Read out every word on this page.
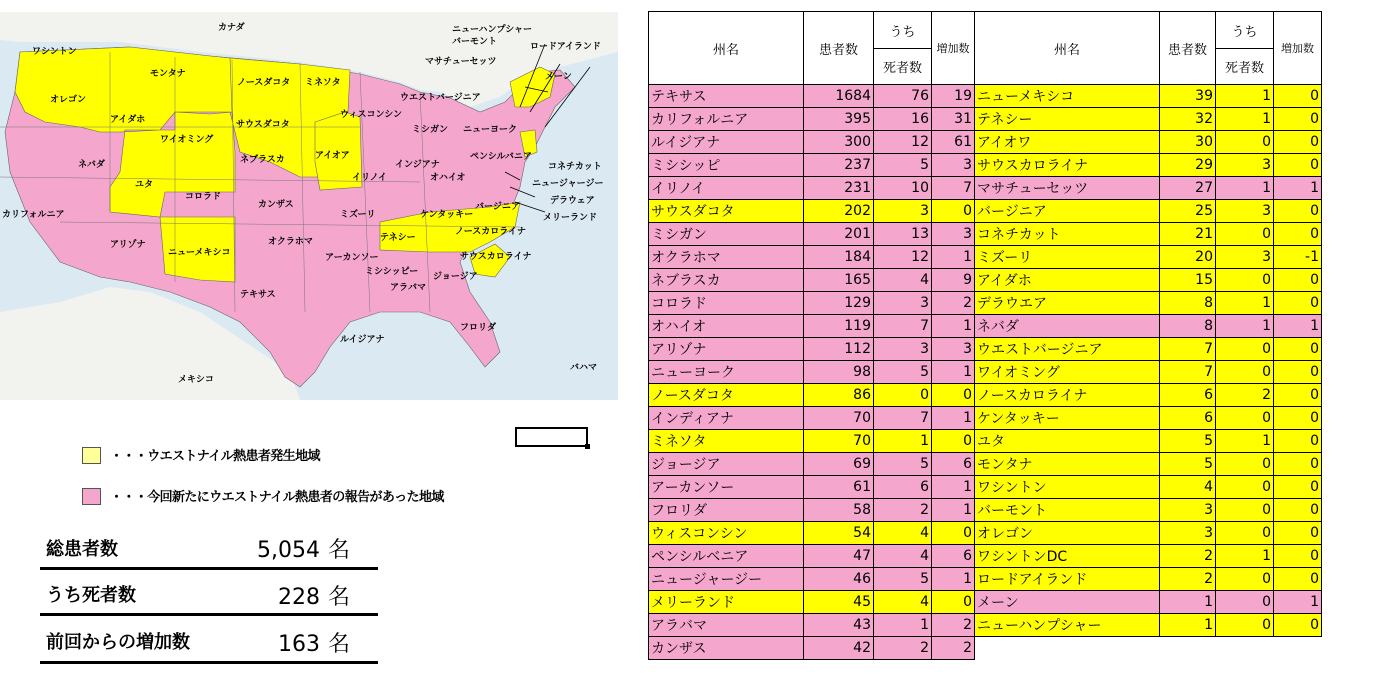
カナダ
メキシコ
バハマ
ワシントン
モンタナ
オレゴン
アイダホ
ワイオミング
ネバダ
ユタ
コロラド
カリフォルニア
アリゾナ
ニューメキシコ
ノースダコタ
サウスダコタ
ネブラスカ
カンザス
オクラホマ
テキサス
ミネソタ
アイオア
ミズーリ
アーカンソー
ルイジアナ
ウィスコンシン
イリノイ
ミシガン
インジアナ
オハイオ
ケンタッキー
テネシー
ミシシッピー
アラバマ
ジョージア
フロリダ
サウスカロライナ
ノースカロライナ
バージニア
ウエストバージニア
ペンシルバニア
ニューヨーク
バーモント
ニューハンプシャー
メーン
マサチューセッツ
ロードアイランド
コネチカット
ニュージャージー
デラウェア
メリーランド
・・・ウエストナイル熱患者発生地域
・・・今回新たにウエストナイル熱患者の報告があった地域
総患者数	5,054 名
うち死者数	228 名
前回からの増加数	163 名
州名	患者数	うち	増加数	州名	患者数	うち	増加数
		死者数				死者数	
テキサス	1684	76	19	ニューメキシコ	39	1	0
カリフォルニア	395	16	31	テネシー	32	1	0
ルイジアナ	300	12	61	アイオワ	30	0	0
ミシシッピ	237	5	3	サウスカロライナ	29	3	0
イリノイ	231	10	7	マサチューセッツ	27	1	1
サウスダコタ	202	3	0	バージニア	25	3	0
ミシガン	201	13	3	コネチカット	21	0	0
オクラホマ	184	12	1	ミズーリ	20	3	-1
ネブラスカ	165	4	9	アイダホ	15	0	0
コロラド	129	3	2	デラウエア	8	1	0
オハイオ	119	7	1	ネバダ	8	1	1
アリゾナ	112	3	3	ウエストバージニア	7	0	0
ニューヨーク	98	5	1	ワイオミング	7	0	0
ノースダコタ	86	0	0	ノースカロライナ	6	2	0
インディアナ	70	7	1	ケンタッキー	6	0	0
ミネソタ	70	1	0	ユタ	5	1	0
ジョージア	69	5	6	モンタナ	5	0	0
アーカンソー	61	6	1	ワシントン	4	0	0
フロリダ	58	2	1	バーモント	3	0	0
ウィスコンシン	54	4	0	オレゴン	3	0	0
ペンシルベニア	47	4	6	ワシントンDC	2	1	0
ニュージャージー	46	5	1	ロードアイランド	2	0	0
メリーランド	45	4	0	メーン	1	0	1
アラバマ	43	1	2	ニューハンプシャー	1	0	0
カンザス	42	2	2				
